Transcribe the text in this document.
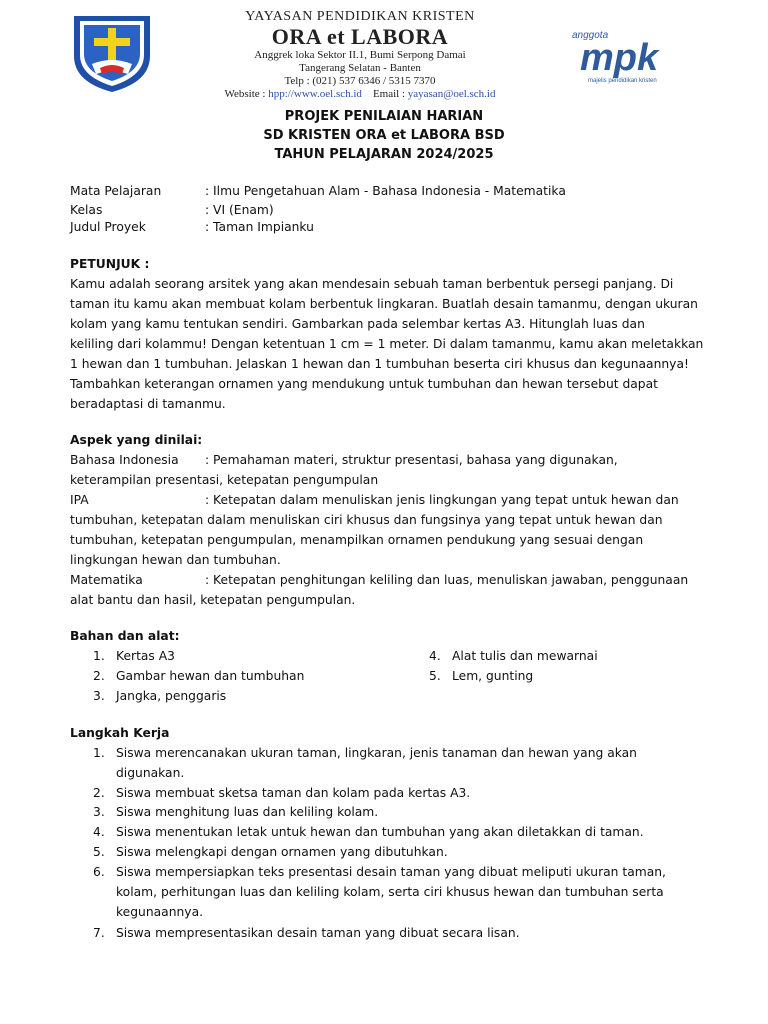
YAYASAN PENDIDIKAN KRISTEN
ORA et LABORA
Anggrek loka Sektor II.1, Bumi Serpong Damai
Tangerang Selatan - Banten
Telp : (021) 537 6346 / 5315 7370
Website : hpp://www.oel.sch.id Email : yayasan@oel.sch.id
anggota
mpk
majelis pendidikan kristen
PROJEK PENILAIAN HARIAN
SD KRISTEN ORA et LABORA BSD
TAHUN PELAJARAN 2024/2025
Mata Pelajaran	: Ilmu Pengetahuan Alam - Bahasa Indonesia - Matematika
Kelas	: VI (Enam)
Judul Proyek	: Taman Impianku
PETUNJUK :
Kamu adalah seorang arsitek yang akan mendesain sebuah taman berbentuk persegi panjang. Di
taman itu kamu akan membuat kolam berbentuk lingkaran. Buatlah desain tamanmu, dengan ukuran
kolam yang kamu tentukan sendiri. Gambarkan pada selembar kertas A3. Hitunglah luas dan
keliling dari kolammu! Dengan ketentuan 1 cm = 1 meter. Di dalam tamanmu, kamu akan meletakkan
1 hewan dan 1 tumbuhan. Jelaskan 1 hewan dan 1 tumbuhan beserta ciri khusus dan kegunaannya!
Tambahkan keterangan ornamen yang mendukung untuk tumbuhan dan hewan tersebut dapat
beradaptasi di tamanmu.
Aspek yang dinilai:
Bahasa Indonesia : Pemahaman materi, struktur presentasi, bahasa yang digunakan,
keterampilan presentasi, ketepatan pengumpulan
IPA	: Ketepatan dalam menuliskan jenis lingkungan yang tepat untuk hewan dan
tumbuhan, ketepatan dalam menuliskan ciri khusus dan fungsinya yang tepat untuk hewan dan
tumbuhan, ketepatan pengumpulan, menampilkan ornamen pendukung yang sesuai dengan
lingkungan hewan dan tumbuhan.
Matematika	: Ketepatan penghitungan keliling dan luas, menuliskan jawaban, penggunaan
alat bantu dan hasil, ketepatan pengumpulan.
Bahan dan alat:
1. Kertas A3
2. Gambar hewan dan tumbuhan
3. Jangka, penggaris
4. Alat tulis dan mewarnai
5. Lem, gunting
Langkah Kerja
1. Siswa merencanakan ukuran taman, lingkaran, jenis tanaman dan hewan yang akan
digunakan.
2. Siswa membuat sketsa taman dan kolam pada kertas A3.
3. Siswa menghitung luas dan keliling kolam.
4. Siswa menentukan letak untuk hewan dan tumbuhan yang akan diletakkan di taman.
5. Siswa melengkapi dengan ornamen yang dibutuhkan.
6. Siswa mempersiapkan teks presentasi desain taman yang dibuat meliputi ukuran taman,
kolam, perhitungan luas dan keliling kolam, serta ciri khusus hewan dan tumbuhan serta
kegunaannya.
7. Siswa mempresentasikan desain taman yang dibuat secara lisan.
